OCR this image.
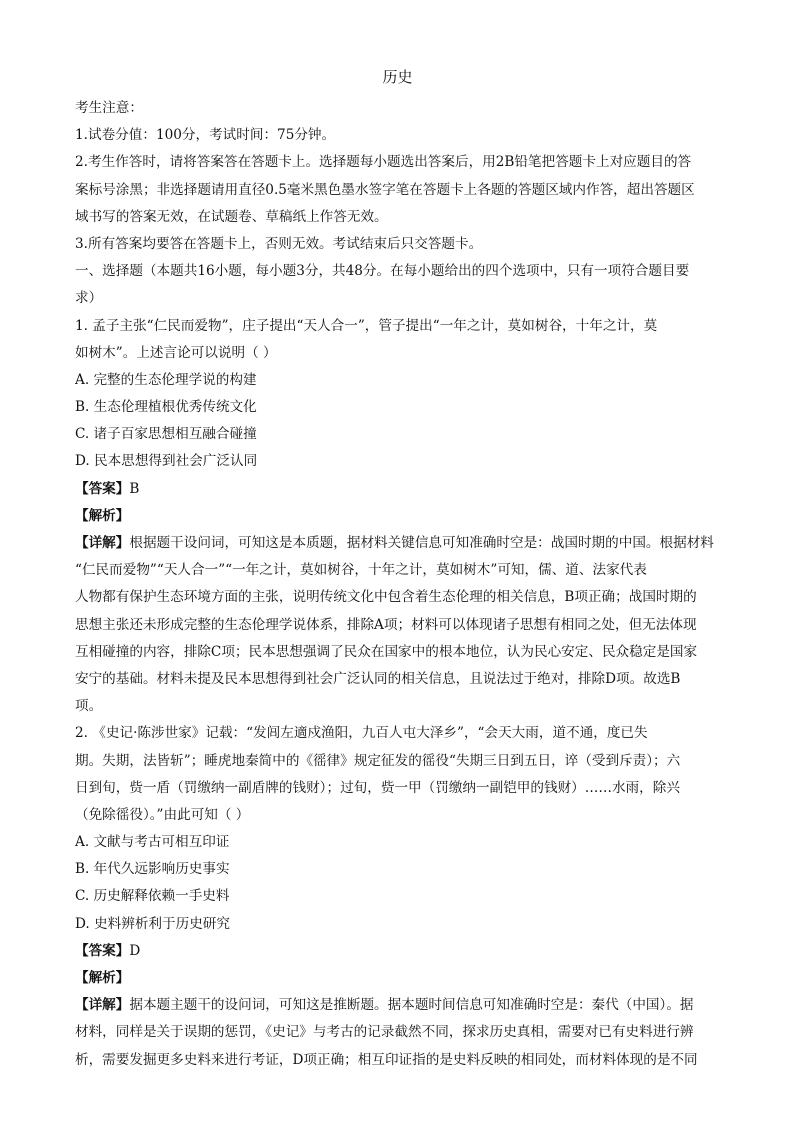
历史
考生注意：
1.试卷分值：100分，考试时间：75分钟。
2.考生作答时，请将答案答在答题卡上。选择题每小题选出答案后，用2B铅笔把答题卡上对应题目的答
案标号涂黑；非选择题请用直径0.5毫米黑色墨水签字笔在答题卡上各题的答题区域内作答，超出答题区
域书写的答案无效，在试题卷、草稿纸上作答无效。
3.所有答案均要答在答题卡上，否则无效。考试结束后只交答题卡。
一、选择题（本题共16小题，每小题3分，共48分。在每小题给出的四个选项中，只有一项符合题目要
求）
1. 孟子主张“仁民而爱物”，庄子提出“天人合一”，管子提出“一年之计，莫如树谷，十年之计，莫
如树木”。上述言论可以说明（ ）
A. 完整的生态伦理学说的构建
B. 生态伦理植根优秀传统文化
C. 诸子百家思想相互融合碰撞
D. 民本思想得到社会广泛认同
【答案】B
【解析】
【详解】根据题干设问词，可知这是本质题，据材料关键信息可知准确时空是：战国时期的中国。根据材料
“仁民而爱物”“天人合一”“一年之计，莫如树谷，十年之计，莫如树木”可知，儒、道、法家代表
人物都有保护生态环境方面的主张，说明传统文化中包含着生态伦理的相关信息，B项正确；战国时期的
思想主张还未形成完整的生态伦理学说体系，排除A项；材料可以体现诸子思想有相同之处，但无法体现
互相碰撞的内容，排除C项；民本思想强调了民众在国家中的根本地位，认为民心安定、民众稳定是国家
安宁的基础。材料未提及民本思想得到社会广泛认同的相关信息，且说法过于绝对，排除D项。故选B
项。
2. 《史记·陈涉世家》记载：“发闾左適戍渔阳，九百人屯大泽乡”，“会天大雨，道不通，度已失
期。失期，法皆斩”；睡虎地秦简中的《徭律》规定征发的徭役“失期三日到五日，谇（受到斥责）；六
日到旬，赀一盾（罚缴纳一副盾牌的钱财）；过旬，赀一甲（罚缴纳一副铠甲的钱财）……水雨，除兴
（免除徭役）。”由此可知（ ）
A. 文献与考古可相互印证
B. 年代久远影响历史事实
C. 历史解释依赖一手史料
D. 史料辨析利于历史研究
【答案】D
【解析】
【详解】据本题主题干的设问词，可知这是推断题。据本题时间信息可知准确时空是：秦代（中国）。据
材料，同样是关于误期的惩罚，《史记》与考古的记录截然不同，探求历史真相，需要对已有史料进行辨
析，需要发掘更多史料来进行考证，D项正确；相互印证指的是史料反映的相同处，而材料体现的是不同
